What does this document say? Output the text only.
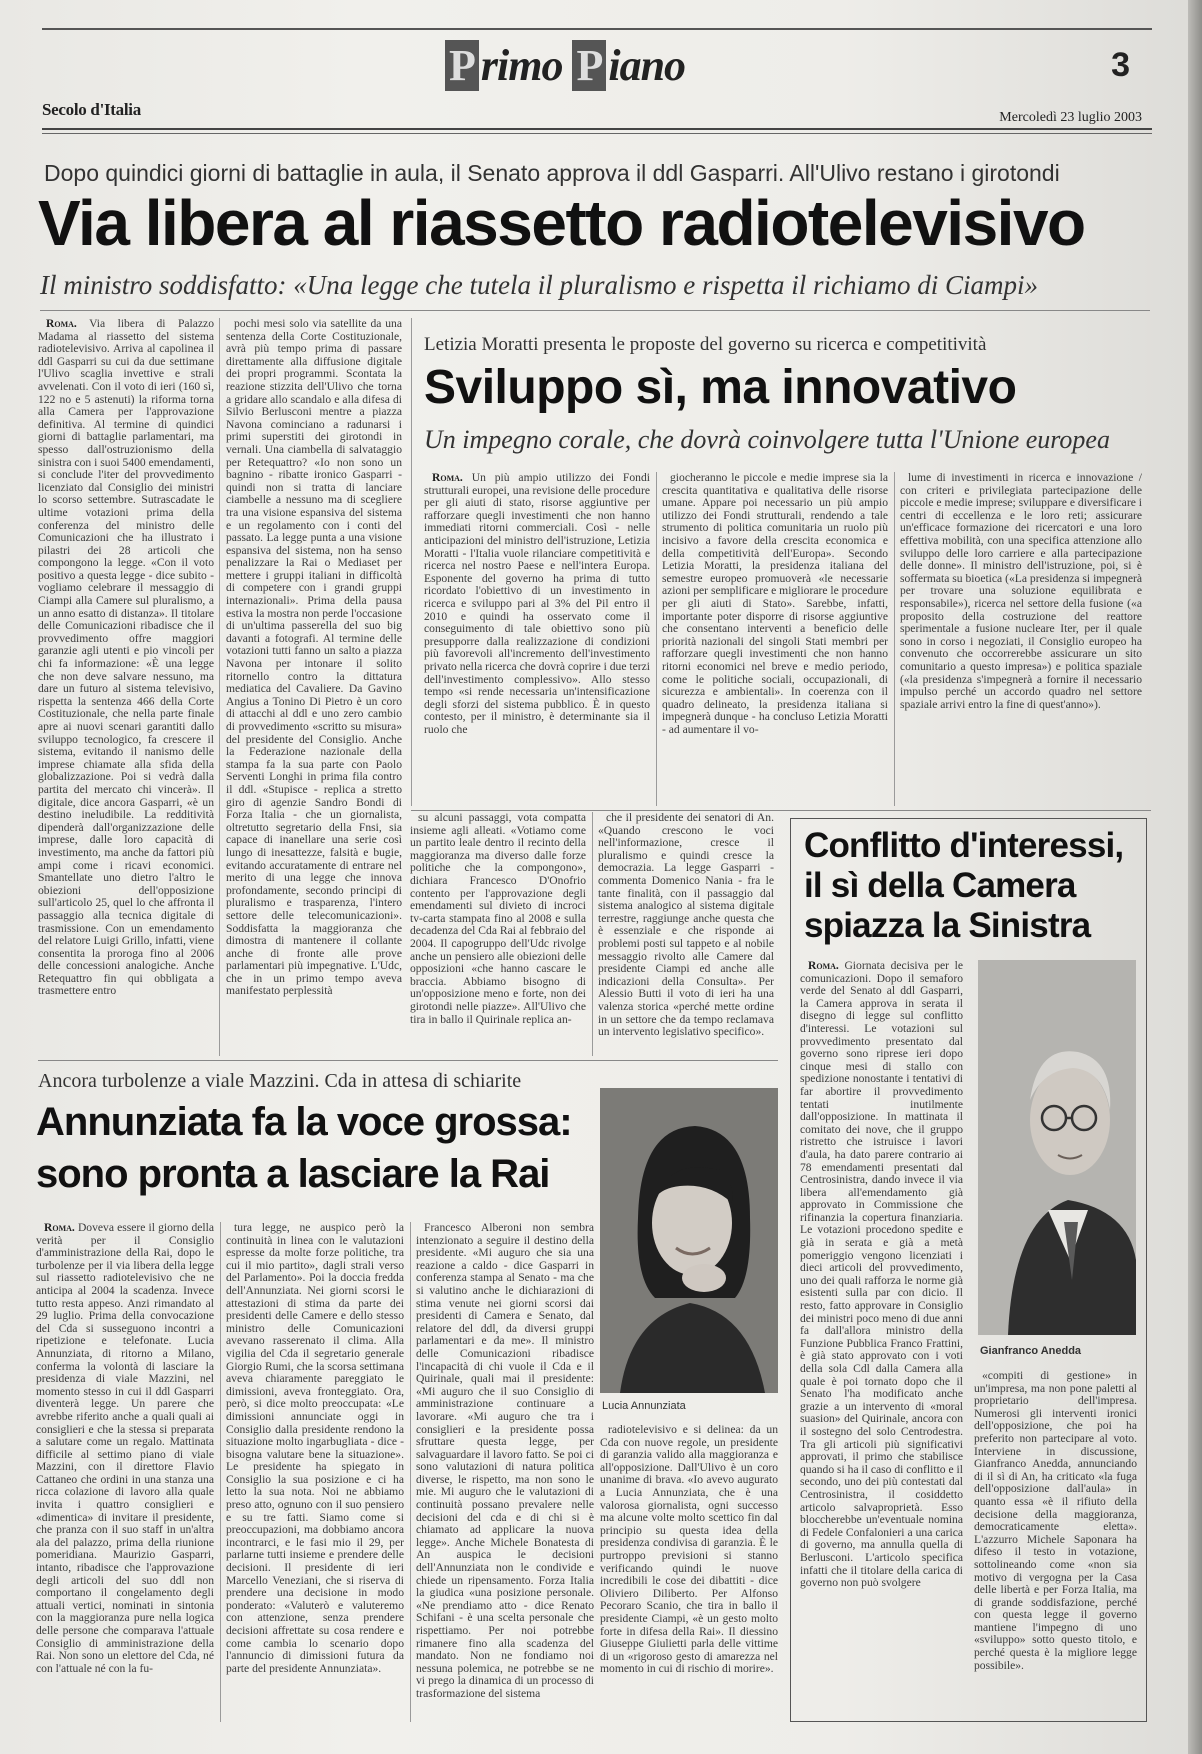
P rimo P iano	3
Secolo d'Italia	Mercoledì 23 luglio 2003
Dopo quindici giorni di battaglie in aula, il Senato approva il ddl Gasparri. All'Ulivo restano i girotondi
Via libera al riassetto radiotelevisivo
Il ministro soddisfatto: «Una legge che tutela il pluralismo e rispetta il richiamo di Ciampi»

Roma. Via libera di Palazzo Madama al riassetto del sistema radiotelevisivo. Arriva al capolinea il ddl Gasparri su cui da due settimane l'Ulivo scaglia invettive e strali avvelenati. Con il voto di ieri (160 sì, 122 no e 5 astenuti) la riforma torna alla Camera per l'approvazione definitiva. Al termine di quindici giorni di battaglie parlamentari, ma spesso dall'ostruzionismo della sinistra con i suoi 5400 emendamenti, si conclude l'iter del provvedimento licenziato dal Consiglio dei ministri lo scorso settembre. Sutrascadate le ultime votazioni prima della conferenza del ministro delle Comunicazioni che ha illustrato i pilastri dei 28 articoli che compongono la legge. «Con il voto positivo a questa legge - dice subito - vogliamo celebrare il messaggio di Ciampi alla Camere sul pluralismo, a un anno esatto di distanza». Il titolare delle Comunicazioni ribadisce che il provvedimento offre maggiori garanzie agli utenti e pio vincoli per chi fa informazione: «È una legge che non deve salvare nessuno, ma dare un futuro al sistema televisivo, rispetta la sentenza 466 della Corte Costituzionale, che nella parte finale apre ai nuovi scenari garantiti dallo sviluppo tecnologico, fa crescere il sistema, evitando il nanismo delle imprese chiamate alla sfida della globalizzazione. Poi si vedrà dalla partita del mercato chi vincerà». Il digitale, dice ancora Gasparri, «è un destino ineludibile. La redditività dipenderà dall'organizzazione delle imprese, dalle loro capacità di investimento, ma anche da fattori più ampi come i ricavi economici. Smantellate uno dietro l'altro le obiezioni dell'opposizione sull'articolo 25, quel lo che affronta il passaggio alla tecnica digitale di trasmissione. Con un emendamento del relatore Luigi Grillo, infatti, viene consentita la proroga fino al 2006 delle concessioni analogiche. Anche Retequattro fin qui obbligata a trasmettere entro

pochi mesi solo via satellite da una sentenza della Corte Costituzionale, avrà più tempo prima di passare direttamente alla diffusione digitale dei propri programmi. Scontata la reazione stizzita dell'Ulivo che torna a gridare allo scandalo e alla difesa di Silvio Berlusconi mentre a piazza Navona cominciano a radunarsi i primi superstiti dei girotondi in vernali. Una ciambella di salvataggio per Retequattro? «Io non sono un bagnino - ribatte ironico Gasparri - quindi non si tratta di lanciare ciambelle a nessuno ma di scegliere tra una visione espansiva del sistema e un regolamento con i conti del passato. La legge punta a una visione espansiva del sistema, non ha senso penalizzare la Rai o Mediaset per mettere i gruppi italiani in difficoltà di competere con i grandi gruppi internazionali». Prima della pausa estiva la mostra non perde l'occasione di un'ultima passerella del suo big davanti a fotografi. Al termine delle votazioni tutti fanno un salto a piazza Navona per intonare il solito ritornello contro la dittatura mediatica del Cavaliere. Da Gavino Angius a Tonino Di Pietro è un coro di attacchi al ddl e uno zero cambio di provvedimento «scritto su misura» del presidente del Consiglio. Anche la Federazione nazionale della stampa fa la sua parte con Paolo Serventi Longhi in prima fila contro il ddl. «Stupisce - replica a stretto giro di agenzie Sandro Bondi di Forza Italia - che un giornalista, oltretutto segretario della Fnsi, sia capace di inanellare una serie così lungo di inesattezze, falsità e bugie, evitando accuratamente di entrare nel merito di una legge che innova profondamente, secondo principi di pluralismo e trasparenza, l'intero settore delle telecomunicazioni». Soddisfatta la maggioranza che dimostra di mantenere il collante anche di fronte alle prove parlamentari più impegnative. L'Udc, che in un primo tempo aveva manifestato perplessità

Letizia Moratti presenta le proposte del governo su ricerca e competitività
Sviluppo sì, ma innovativo
Un impegno corale, che dovrà coinvolgere tutta l'Unione europea

Roma. Un più ampio utilizzo dei Fondi strutturali europei, una revisione delle procedure per gli aiuti di stato, risorse aggiuntive per rafforzare quegli investimenti che non hanno immediati ritorni commerciali. Così - nelle anticipazioni del ministro dell'istruzione, Letizia Moratti - l'Italia vuole rilanciare competitività e ricerca nel nostro Paese e nell'intera Europa. Esponente del governo ha prima di tutto ricordato l'obiettivo di un investimento in ricerca e sviluppo pari al 3% del Pil entro il 2010 e quindi ha osservato come il conseguimento di tale obiettivo sono più presupporre dalla realizzazione di condizioni più favorevoli all'incremento dell'investimento privato nella ricerca che dovrà coprire i due terzi dell'investimento complessivo». Allo stesso tempo «si rende necessaria un'intensificazione degli sforzi del sistema pubblico. È in questo contesto, per il ministro, è determinante sia il ruolo che

giocheranno le piccole e medie imprese sia la crescita quantitativa e qualitativa delle risorse umane. Appare poi necessario un più ampio utilizzo dei Fondi strutturali, rendendo a tale strumento di politica comunitaria un ruolo più incisivo a favore della crescita economica e della competitività dell'Europa». Secondo Letizia Moratti, la presidenza italiana del semestre europeo promuoverà «le necessarie azioni per semplificare e migliorare le procedure per gli aiuti di Stato». Sarebbe, infatti, importante poter disporre di risorse aggiuntive che consentano interventi a beneficio delle priorità nazionali del singoli Stati membri per rafforzare quegli investimenti che non hanno ritorni economici nel breve e medio periodo, come le politiche sociali, occupazionali, di sicurezza e ambientali». In coerenza con il quadro delineato, la presidenza italiana si impegnerà dunque - ha concluso Letizia Moratti - ad aumentare il vo-

lume di investimenti in ricerca e innovazione / con criteri e privilegiata partecipazione delle piccole e medie imprese; sviluppare e diversificare i centri di eccellenza e le loro reti; assicurare un'efficace formazione dei ricercatori e una loro effettiva mobilità, con una specifica attenzione allo sviluppo delle loro carriere e alla partecipazione delle donne». Il ministro dell'istruzione, poi, si è soffermata su bioetica («La presidenza si impegnerà per trovare una soluzione equilibrata e responsabile»), ricerca nel settore della fusione («a proposito della costruzione del reattore sperimentale a fusione nucleare Iter, per il quale sono in corso i negoziati, il Consiglio europeo ha convenuto che occorrerebbe assicurare un sito comunitario a questo impresa») e politica spaziale («la presidenza s'impegnerà a fornire il necessario impulso perché un accordo quadro nel settore spaziale arrivi entro la fine di quest'anno»).

su alcuni passaggi, vota compatta insieme agli alleati. «Votiamo come un partito leale dentro il recinto della maggioranza ma diverso dalle forze politiche che la compongono», dichiara Francesco D'Onofrio contento per l'approvazione degli emendamenti sul divieto di incroci tv-carta stampata fino al 2008 e sulla decadenza del Cda Rai al febbraio del 2004. Il capogruppo dell'Udc rivolge anche un pensiero alle obiezioni delle opposizioni «che hanno cascare le braccia. Abbiamo bisogno di un'opposizione meno e forte, non dei girotondi nelle piazze». All'Ulivo che tira in ballo il Quirinale replica an-

che il presidente dei senatori di An. «Quando crescono le voci nell'informazione, cresce il pluralismo e quindi cresce la democrazia. La legge Gasparri - commenta Domenico Nania - fra le tante finalità, con il passaggio dal sistema analogico al sistema digitale terrestre, raggiunge anche questa che è essenziale e che risponde ai problemi posti sul tappeto e al nobile messaggio rivolto alle Camere dal presidente Ciampi ed anche alle indicazioni della Consulta». Per Alessio Butti il voto di ieri ha una valenza storica «perché mette ordine in un settore che da tempo reclamava un intervento legislativo specifico».

Conflitto d'interessi,
il sì della Camera
spiazza la Sinistra

Roma. Giornata decisiva per le comunicazioni. Dopo il semaforo verde del Senato al ddl Gasparri, la Camera approva in serata il disegno di legge sul conflitto d'interessi. Le votazioni sul provvedimento presentato dal governo sono riprese ieri dopo cinque mesi di stallo con spedizione nonostante i tentativi di far abortire il provvedimento tentati inutilmente dall'opposizione. In mattinata il comitato dei nove, che il gruppo ristretto che istruisce i lavori d'aula, ha dato parere contrario ai 78 emendamenti presentati dal Centrosinistra, dando invece il via libera all'emendamento già approvato in Commissione che rifinanzia la copertura finanziaria. Le votazioni procedono spedite e già in serata e già a metà pomeriggio vengono licenziati i dieci articoli del provvedimento, uno dei quali rafforza le norme già esistenti sulla par con dicio. Il resto, fatto approvare in Consiglio dei ministri poco meno di due anni fa dall'allora ministro della Funzione Pubblica Franco Frattini, è già stato approvato con i voti della sola Cdl dalla Camera alla quale è poi tornato dopo che il Senato l'ha modificato anche grazie a un intervento di «moral suasion» del Quirinale, ancora con il sostegno del solo Centrodestra. Tra gli articoli più significativi approvati, il primo che stabilisce quando si ha il caso di conflitto e il secondo, uno dei più contestati dal Centrosinistra, il cosiddetto articolo salvaproprietà. Esso bloccherebbe un'eventuale nomina di Fedele Confalonieri a una carica di governo, ma annulla quella di Berlusconi. L'articolo specifica infatti che il titolare della carica di governo non può svolgere

Gianfranco Anedda

«compiti di gestione» in un'impresa, ma non pone paletti al proprietario dell'impresa. Numerosi gli interventi ironici dell'opposizione, che poi ha preferito non partecipare al voto. Interviene in discussione, Gianfranco Anedda, annunciando di il sì di An, ha criticato «la fuga dell'opposizione dall'aula» in quanto essa «è il rifiuto della decisione della maggioranza, democraticamente eletta». L'azzurro Michele Saponara ha difeso il testo in votazione, sottolineando come «non sia motivo di vergogna per la Casa delle libertà e per Forza Italia, ma di grande soddisfazione, perché con questa legge il governo mantiene l'impegno di uno «sviluppo» sotto questo titolo, e perché questa è la migliore legge possibile».

Ancora turbolenze a viale Mazzini. Cda in attesa di schiarite
Annunziata fa la voce grossa:
sono pronta a lasciare la Rai

Roma. Doveva essere il giorno della verità per il Consiglio d'amministrazione della Rai, dopo le turbolenze per il via libera della legge sul riassetto radiotelevisivo che ne anticipa al 2004 la scadenza. Invece tutto resta appeso. Anzi rimandato al 29 luglio. Prima della convocazione del Cda si susseguono incontri a ripetizione e telefonate. Lucia Annunziata, di ritorno a Milano, conferma la volontà di lasciare la presidenza di viale Mazzini, nel momento stesso in cui il ddl Gasparri diventerà legge. Un parere che avrebbe riferito anche a quali quali ai consiglieri e che la stessa si preparata a salutare come un regalo. Mattinata difficile al settimo piano di viale Mazzini, con il direttore Flavio Cattaneo che ordini in una stanza una ricca colazione di lavoro alla quale invita i quattro consiglieri e «dimentica» di invitare il presidente, che pranza con il suo staff in un'altra ala del palazzo, prima della riunione pomeridiana. Maurizio Gasparri, intanto, ribadisce che l'approvazione degli articoli del suo ddl non comportano il congelamento degli attuali vertici, nominati in sintonia con la maggioranza pure nella logica delle persone che comparava l'attuale Consiglio di amministrazione della Rai. Non sono un elettore del Cda, né con l'attuale né con la fu-

tura legge, ne auspico però la continuità in linea con le valutazioni espresse da molte forze politiche, tra cui il mio partito», dagli strali verso del Parlamento». Poi la doccia fredda dell'Annunziata. Nei giorni scorsi le attestazioni di stima da parte dei presidenti delle Camere e dello stesso ministro delle Comunicazioni avevano rasserenato il clima. Alla vigilia del Cda il segretario generale Giorgio Rumi, che la scorsa settimana aveva chiaramente pareggiato le dimissioni, aveva fronteggiato. Ora, però, si dice molto preoccupata: «Le dimissioni annunciate oggi in Consiglio dalla presidente rendono la situazione molto ingarbugliata - dice - bisogna valutare bene la situazione». Le presidente ha spiegato in Consiglio la sua posizione e ci ha letto la sua nota. Noi ne abbiamo preso atto, ognuno con il suo pensiero e su tre fatti. Siamo come si preoccupazioni, ma dobbiamo ancora incontrarci, e le fasi mio il 29, per parlarne tutti insieme e prendere delle decisioni. Il presidente di ieri Marcello Veneziani, che si riserva di prendere una decisione in modo ponderato: «Valuterò e valuteremo con attenzione, senza prendere decisioni affrettate su cosa rendere e come cambia lo scenario dopo l'annuncio di dimissioni futura da parte del presidente Annunziata».

Francesco Alberoni non sembra intenzionato a seguire il destino della presidente. «Mi auguro che sia una reazione a caldo - dice Gasparri in conferenza stampa al Senato - ma che si valutino anche le dichiarazioni di stima venute nei giorni scorsi dai presidenti di Camera e Senato, dal relatore del ddl, da diversi gruppi parlamentari e da me». Il ministro delle Comunicazioni ribadisce l'incapacità di chi vuole il Cda e il Quirinale, quali mai il presidente: «Mi auguro che il suo Consiglio di amministrazione continuare a lavorare. «Mi auguro che tra i consiglieri e la presidente possa sfruttare questa legge, per salvaguardare il lavoro fatto. Se poi ci sono valutazioni di natura politica diverse, le rispetto, ma non sono le mie. Mi auguro che le valutazioni di continuità possano prevalere nelle decisioni del cda e di chi si è chiamato ad applicare la nuova legge». Anche Michele Bonatesta di An auspica le decisioni dell'Annunziata non le condivide e chiede un ripensamento. Forza Italia la giudica «una posizione personale. «Ne prendiamo atto - dice Renato Schifani - è una scelta personale che rispettiamo. Per noi potrebbe rimanere fino alla scadenza del mandato. Non ne fondiamo noi nessuna polemica, ne potrebbe se ne vi prego la dinamica di un processo di trasformazione del sistema

Lucia Annunziata

radiotelevisivo e si delinea: da un Cda con nuove regole, un presidente di garanzia valido alla maggioranza e all'opposizione. Dall'Ulivo è un coro unanime di brava. «Io avevo augurato a Lucia Annunziata, che è una valorosa giornalista, ogni successo ma alcune volte molto scettico fin dal principio su questa idea della presidenza condivisa di garanzia. È le purtroppo previsioni si stanno verificando quindi le nuove incredibili le cose dei dibattiti - dice Oliviero Diliberto. Per Alfonso Pecoraro Scanio, che tira in ballo il presidente Ciampi, «è un gesto molto forte in difesa della Rai». Il diessino Giuseppe Giulietti parla delle vittime di un «rigoroso gesto di amarezza nel momento in cui di rischio di morire».
